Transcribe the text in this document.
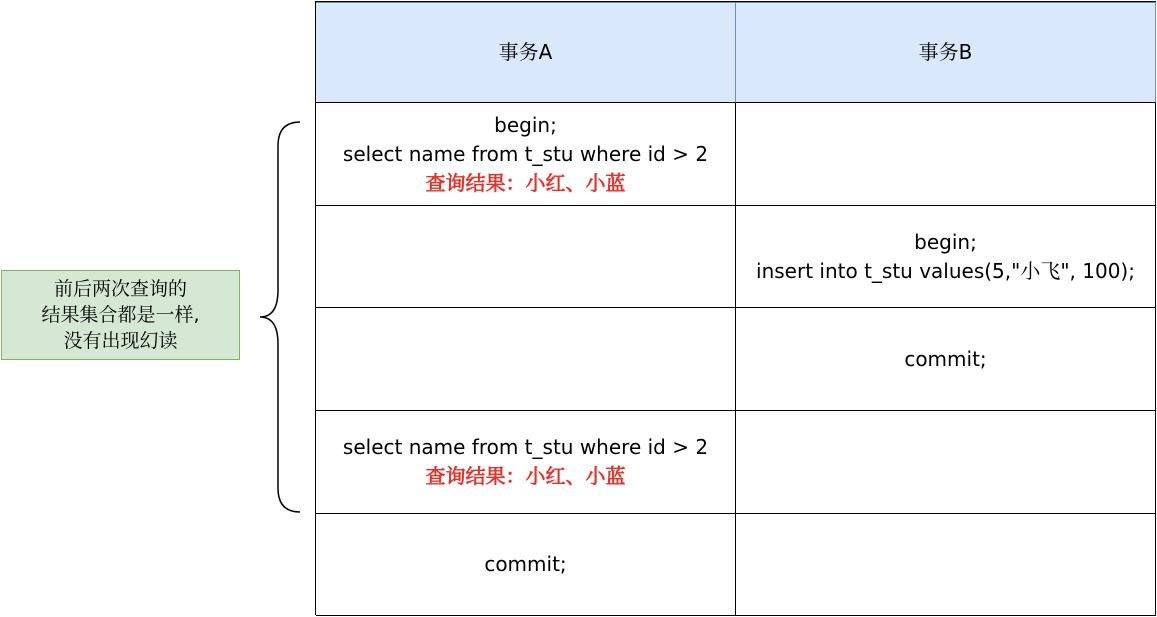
前后两次查询的
结果集合都是一样,
没有出现幻读
事务A	事务B
begin;
select name from t_stu where id > 2
查询结果：小红、小蓝
begin;
insert into t_stu values(5,"小飞", 100);
commit;
select name from t_stu where id > 2
查询结果：小红、小蓝
commit;
